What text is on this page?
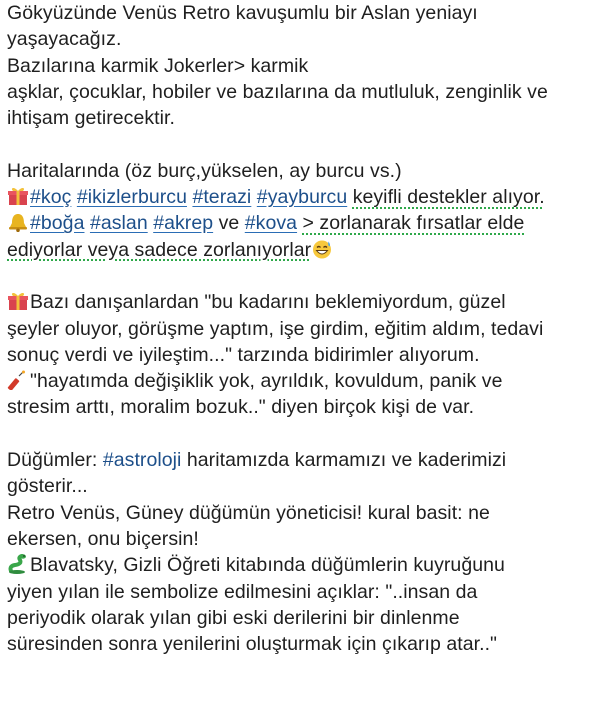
Gökyüzünde Venüs Retro kavuşumlu bir Aslan yeniayı
yaşayacağız.
Bazılarına karmik Jokerler> karmik
aşklar, çocuklar, hobiler ve bazılarına da mutluluk, zenginlik ve
ihtişam getirecektir.
Haritalarında (öz burç,yükselen, ay burcu vs.)
#koç #ikizlerburcu #terazi #yayburcu keyifli destekler alıyor.
#boğa #aslan #akrep ve #kova > zorlanarak fırsatlar elde
ediyorlar veya sadece zorlanıyorlar
Bazı danışanlardan "bu kadarını beklemiyordum, güzel
şeyler oluyor, görüşme yaptım, işe girdim, eğitim aldım, tedavi
sonuç verdi ve iyileştim..." tarzında bidirimler alıyorum.
"hayatımda değişiklik yok, ayrıldık, kovuldum, panik ve
stresim arttı, moralim bozuk.." diyen birçok kişi de var.
Düğümler: #astroloji haritamızda karmamızı ve kaderimizi
gösterir...
Retro Venüs, Güney düğümün yöneticisi! kural basit: ne
ekersen, onu biçersin!
Blavatsky, Gizli Öğreti kitabında düğümlerin kuyruğunu
yiyen yılan ile sembolize edilmesini açıklar: "..insan da
periyodik olarak yılan gibi eski derilerini bir dinlenme
süresinden sonra yenilerini oluşturmak için çıkarıp atar.."
